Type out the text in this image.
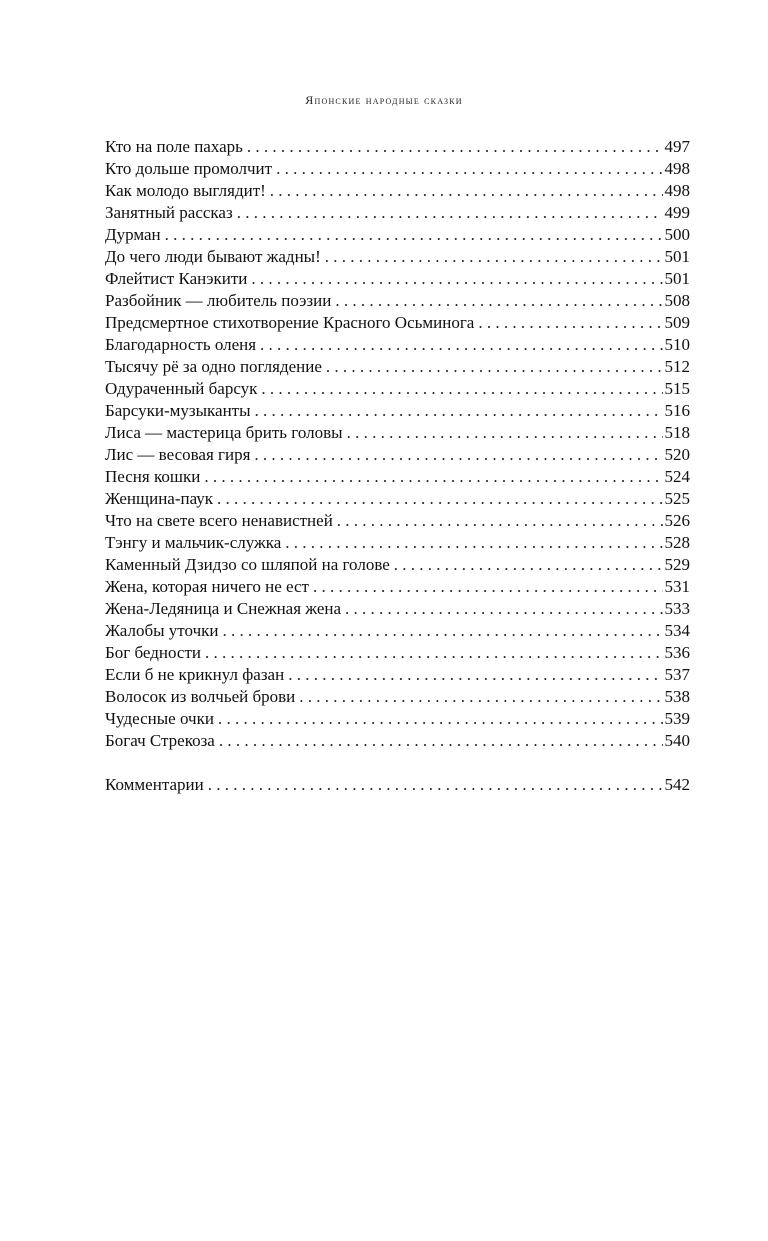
Японские народные сказки
Кто на поле пахарь . . .	497
Кто дольше промолчит . . .	498
Как молодо выглядит! . . .	498
Занятный рассказ . . .	499
Дурман . . .	500
До чего люди бывают жадны! . . .	501
Флейтист Канэкити . . .	501
Разбойник — любитель поэзии . . .	508
Предсмертное стихотворение Красного Осьминога . . .	509
Благодарность оленя . . .	510
Тысячу рё за одно поглядение . . .	512
Одураченный барсук . . .	515
Барсуки-музыканты . . .	516
Лиса — мастерица брить головы . . .	518
Лис — весовая гиря . . .	520
Песня кошки . . .	524
Женщина-паук . . .	525
Что на свете всего ненавистней . . .	526
Тэнгу и мальчик-служка . . .	528
Каменный Дзидзо со шляпой на голове . . .	529
Жена, которая ничего не ест . . .	531
Жена-Ледяница и Снежная жена . . .	533
Жалобы уточки . . .	534
Бог бедности . . .	536
Если б не крикнул фазан . . .	537
Волосок из волчьей брови . . .	538
Чудесные очки . . .	539
Богач Стрекоза . . .	540
Комментарии . . .	542
